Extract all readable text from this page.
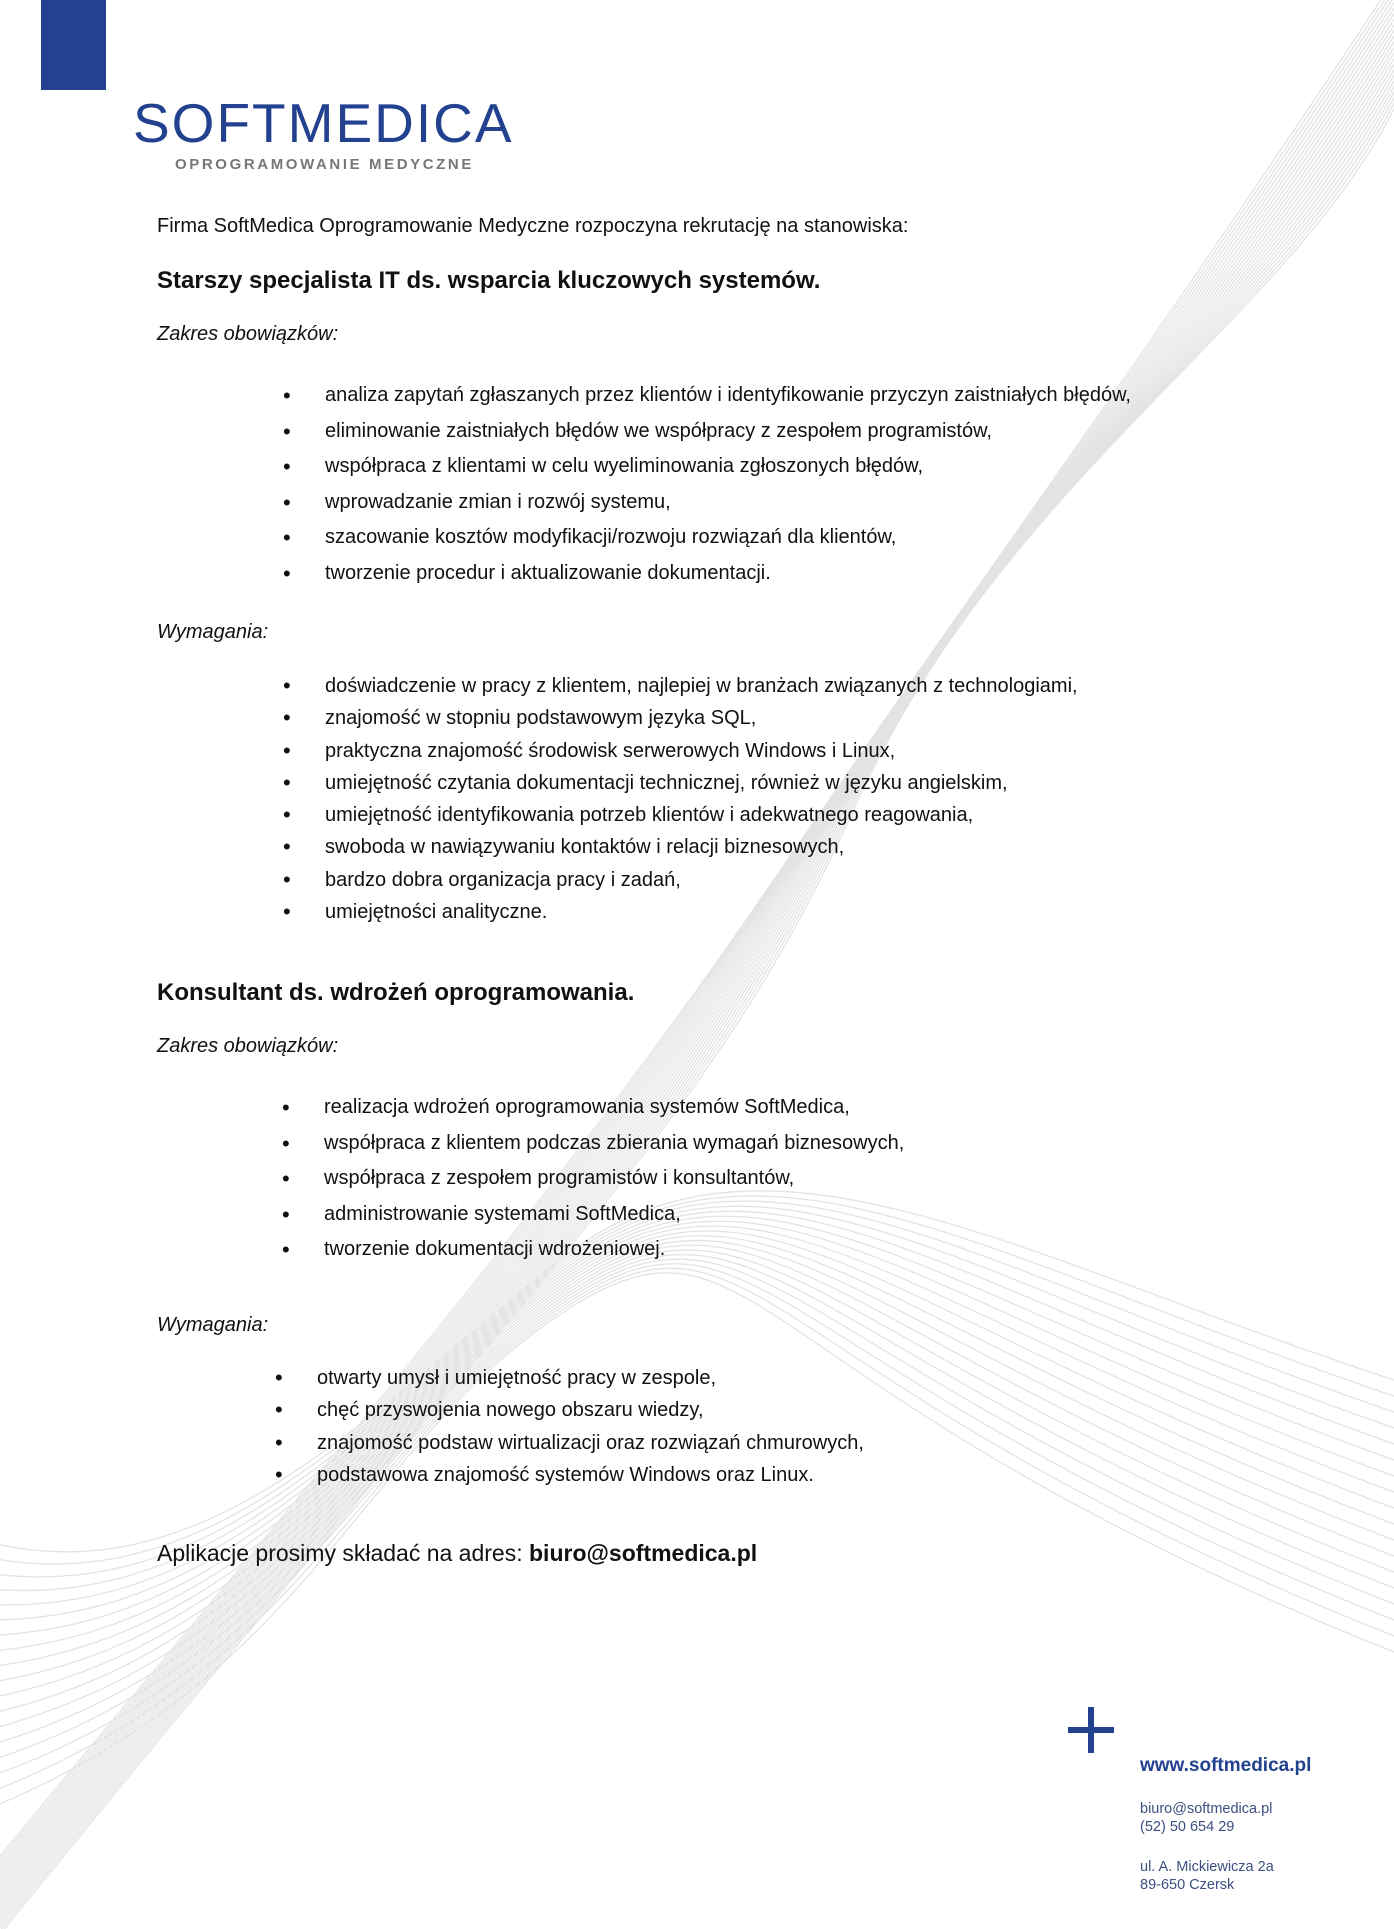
SOFTMEDICA
OPROGRAMOWANIE MEDYCZNE
Firma SoftMedica Oprogramowanie Medyczne rozpoczyna rekrutację na stanowiska:
Starszy specjalista IT ds. wsparcia kluczowych systemów.
Zakres obowiązków:
• analiza zapytań zgłaszanych przez klientów i identyfikowanie przyczyn zaistniałych błędów,
• eliminowanie zaistniałych błędów we współpracy z zespołem programistów,
• współpraca z klientami w celu wyeliminowania zgłoszonych błędów,
• wprowadzanie zmian i rozwój systemu,
• szacowanie kosztów modyfikacji/rozwoju rozwiązań dla klientów,
• tworzenie procedur i aktualizowanie dokumentacji.
Wymagania:
• doświadczenie w pracy z klientem, najlepiej w branżach związanych z technologiami,
• znajomość w stopniu podstawowym języka SQL,
• praktyczna znajomość środowisk serwerowych Windows i Linux,
• umiejętność czytania dokumentacji technicznej, również w języku angielskim,
• umiejętność identyfikowania potrzeb klientów i adekwatnego reagowania,
• swoboda w nawiązywaniu kontaktów i relacji biznesowych,
• bardzo dobra organizacja pracy i zadań,
• umiejętności analityczne.
Konsultant ds. wdrożeń oprogramowania.
Zakres obowiązków:
• realizacja wdrożeń oprogramowania systemów SoftMedica,
• współpraca z klientem podczas zbierania wymagań biznesowych,
• współpraca z zespołem programistów i konsultantów,
• administrowanie systemami SoftMedica,
• tworzenie dokumentacji wdrożeniowej.
Wymagania:
• otwarty umysł i umiejętność pracy w zespole,
• chęć przyswojenia nowego obszaru wiedzy,
• znajomość podstaw wirtualizacji oraz rozwiązań chmurowych,
• podstawowa znajomość systemów Windows oraz Linux.
Aplikacje prosimy składać na adres: biuro@softmedica.pl
www.softmedica.pl
biuro@softmedica.pl
(52) 50 654 29
ul. A. Mickiewicza 2a
89-650 Czersk
